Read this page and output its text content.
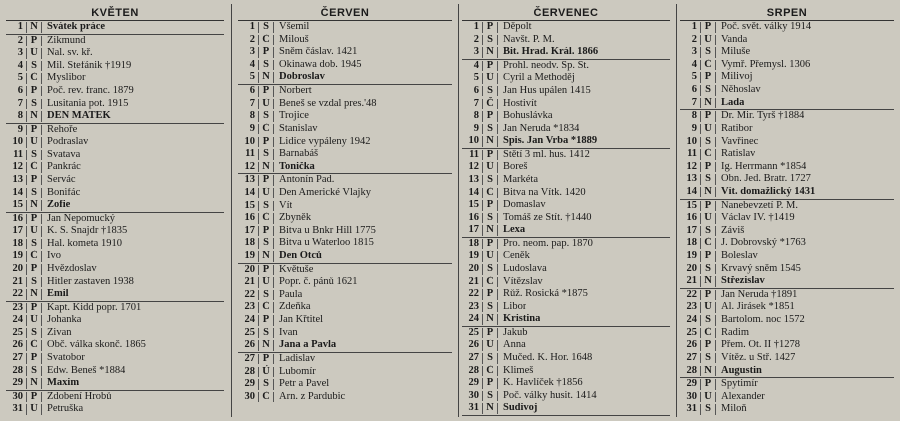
KVĚTEN
1 N Svátek práce
2 P Zikmund
3 Ú Nal. sv. kř.
4 S Mil. Štefánik †1919
5 Č Myslibor
6 P Poč. rev. franc. 1879
7 S Lusitania pot. 1915
8 N DEN MATEK
9 P Řehoře
10 Ú Podraslav
11 S Svatava
12 Č Pankrác
13 P Servác
14 S Bonifác
15 N Žofie
16 P Jan Nepomucký
17 Ú K. S. Šnajdr †1835
18 S Hal. kometa 1910
19 Č Ivo
20 P Hvězdoslav
21 S Hitler zastaven 1938
22 N Emil
23 P Kapt. Kidd popr. 1701
24 Ú Johanka
25 S Živan
26 Č Obč. válka skonč. 1865
27 P Svatobor
28 S Edw. Beneš *1884
29 N Maxim
30 P Zdobení Hrobů
31 Ú Petruška
ČERVEN
1 S Všemil
2 Č Milouš
3 P Sněm čáslav. 1421
4 S Okinawa dob. 1945
5 N Dobroslav
6 P Norbert
7 Ú Beneš se vzdal pres.'48
8 S Trojice
9 Č Stanislav
10 P Lidice vypáleny 1942
11 S Barnabáš
12 N Tonička
13 P Antonín Pad.
14 Ú Den Americké Vlajky
15 S Vít
16 Č Zbyněk
17 P Bitva u Bnkr Hill 1775
18 S Bitva u Waterloo 1815
19 N Den Otců
20 P Květuše
21 Ú Popr. č. pánů 1621
22 S Paula
23 Č Zdeňka
24 P Jan Křtitel
25 S Ivan
26 N Jana a Pavla
27 P Ladislav
28 Ú Lubomír
29 S Petr a Pavel
30 Č Arn. z Pardubic
ČERVENEC
1 P Děpolt
2 S Navšt. P. M.
3 N Bit. Hrad. Král. 1866
4 P Prohl. neodv. Sp. St.
5 Ú Cyril a Methoděj
6 S Jan Hus upálen 1415
7 Č Hostivít
8 P Bohuslávka
9 S Jan Neruda *1834
10 N Spis. Jan Vrba *1889
11 P Stětí 3 ml. hus. 1412
12 Ú Boreš
13 S Markéta
14 Č Bitva na Vítk. 1420
15 P Domaslav
16 S Tomáš ze Štít. †1440
17 N Lexa
18 P Pro. neom. pap. 1870
19 Ú Čeněk
20 S Ludoslava
21 Č Vítězslav
22 P Růž. Rosická *1875
23 S Libor
24 N Kristina
25 P Jakub
26 Ú Anna
27 S Mučed. K. Hor. 1648
28 Č Klimeš
29 P K. Havlíček †1856
30 S Poč. války husit. 1414
31 N Sudivoj
SRPEN
1 P Poč. svět. války 1914
2 Ú Vanda
3 S Miluše
4 Č Vymř. Přemysl. 1306
5 P Milivoj
6 S Něhoslav
7 N Lada
8 P Dr. Mir. Tyrš †1884
9 Ú Ratibor
10 S Vavřinec
11 Č Ratislav
12 P Ig. Herrmann *1854
13 S Obn. Jed. Bratr. 1727
14 N Vít. domažlický 1431
15 P Nanebevzetí P. M.
16 Ú Václav IV. †1419
17 S Záviš
18 Č J. Dobrovský *1763
19 P Boleslav
20 S Krvavý sněm 1545
21 N Střezislav
22 P Jan Neruda †1891
23 Ú Al. Jirásek *1851
24 S Bartolom. noc 1572
25 Č Radim
26 P Přem. Ot. II †1278
27 S Vítěz. u Stř. 1427
28 N Augustin
29 P Spytimír
30 Ú Alexander
31 S Miloň
